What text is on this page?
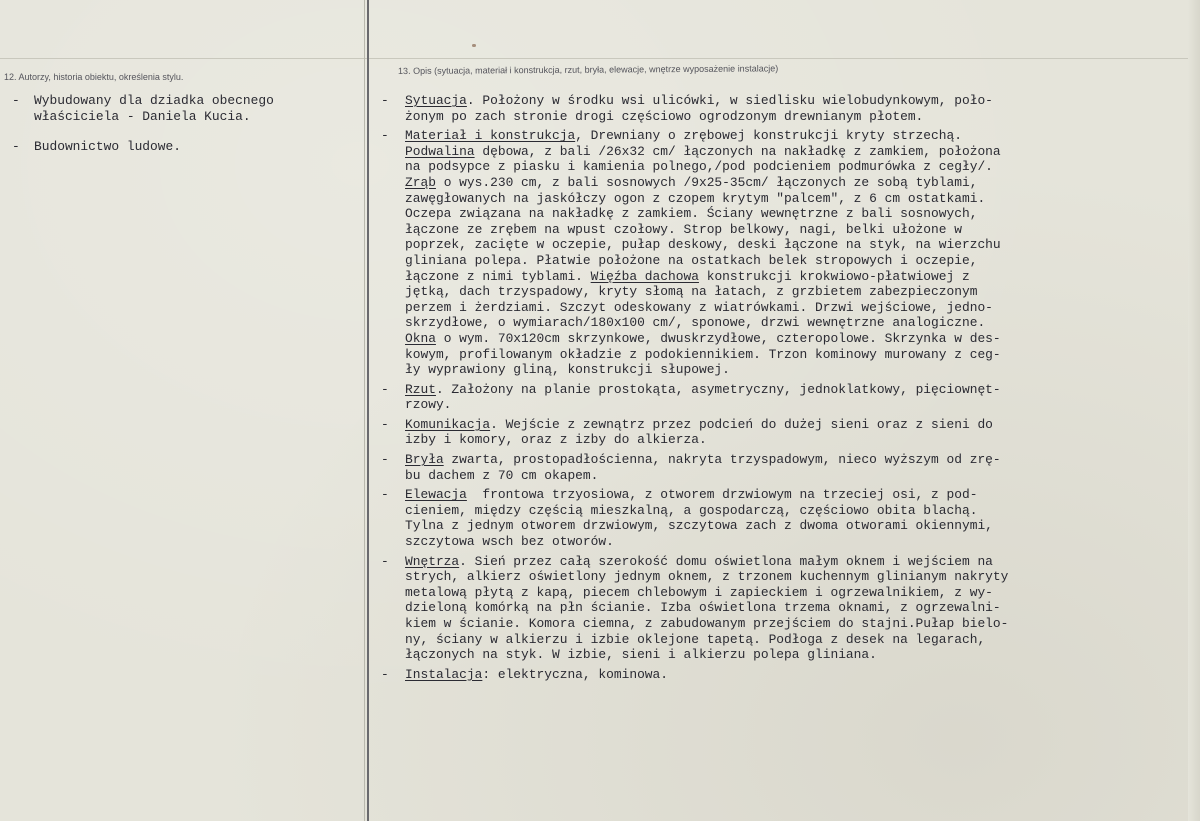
12. Autorzy, historia obiektu, określenia stylu.
13. Opis (sytuacja, materiał i konstrukcja, rzut, bryła, elewacje, wnętrze wyposażenie instalacje)
- Wybudowany dla dziadka obecnego
właściciela - Daniela Kucia.
- Budownictwo ludowe.
- Sytuacja. Położony w środku wsi ulicówki, w siedlisku wielobudynkowym, poło-
żonym po zach stronie drogi częściowo ogrodzonym drewnianym płotem.
- Materiał i konstrukcja, Drewniany o zrębowej konstrukcji kryty strzechą.
Podwalina dębowa, z bali /26x32 cm/ łączonych na nakładkę z zamkiem, położona
na podsypce z piasku i kamienia polnego,/pod podcieniem podmurówka z cegły/.
Zrąb o wys.230 cm, z bali sosnowych /9x25-35cm/ łączonych ze sobą tyblami,
zawęgłowanych na jaskółczy ogon z czopem krytym "palcem", z 6 cm ostatkami.
Oczepa związana na nakładkę z zamkiem. Ściany wewnętrzne z bali sosnowych,
łączone ze zrębem na wpust czołowy. Strop belkowy, nagi, belki ułożone w
poprzek, zacięte w oczepie, pułap deskowy, deski łączone na styk, na wierzchu
gliniana polepa. Płatwie położone na ostatkach belek stropowych i oczepie,
łączone z nimi tyblami. Więźba dachowa konstrukcji krokwiowo-płatwiowej z
jętką, dach trzyspadowy, kryty słomą na łatach, z grzbietem zabezpieczonym
perzem i żerdziami. Szczyt odeskowany z wiatrówkami. Drzwi wejściowe, jedno-
skrzydłowe, o wymiarach/180x100 cm/, sponowe, drzwi wewnętrzne analogiczne.
Okna o wym. 70x120cm skrzynkowe, dwuskrzydłowe, czteropolowe. Skrzynka w des-
kowym, profilowanym okładzie z podokiennikiem. Trzon kominowy murowany z ceg-
ły wyprawiony gliną, konstrukcji słupowej.
- Rzut. Założony na planie prostokąta, asymetryczny, jednoklatkowy, pięciownęt-
rzowy.
- Komunikacja. Wejście z zewnątrz przez podcień do dużej sieni oraz z sieni do
izby i komory, oraz z izby do alkierza.
- Bryła zwarta, prostopadłościenna, nakryta trzyspadowym, nieco wyższym od zrę-
bu dachem z 70 cm okapem.
- Elewacja  frontowa trzyosiowa, z otworem drzwiowym na trzeciej osi, z pod-
cieniem, między częścią mieszkalną, a gospodarczą, częściowo obita blachą.
Tylna z jednym otworem drzwiowym, szczytowa zach z dwoma otworami okiennymi,
szczytowa wsch bez otworów.
- Wnętrza. Sień przez całą szerokość domu oświetlona małym oknem i wejściem na
strych, alkierz oświetlony jednym oknem, z trzonem kuchennym glinianym nakryty
metalową płytą z kapą, piecem chlebowym i zapieckiem i ogrzewalnikiem, z wy-
dzieloną komórką na płn ścianie. Izba oświetlona trzema oknami, z ogrzewalni-
kiem w ścianie. Komora ciemna, z zabudowanym przejściem do stajni.Pułap bielo-
ny, ściany w alkierzu i izbie oklejone tapetą. Podłoga z desek na legarach,
łączonych na styk. W izbie, sieni i alkierzu polepa gliniana.
- Instalacja: elektryczna, kominowa.
